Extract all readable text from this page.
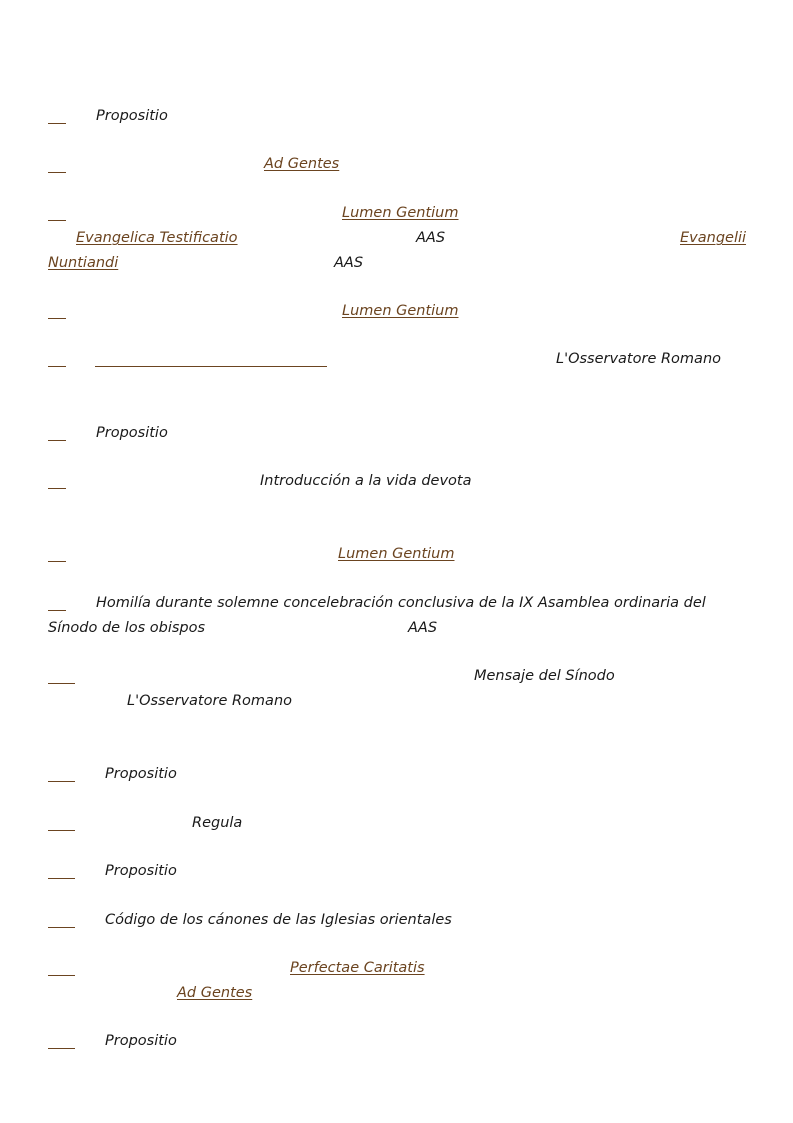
Propositio
Ad Gentes
Lumen Gentium
Evangelica Testificatio	AAS	Evangelii
Nuntiandi	AAS
Lumen Gentium
L'Osservatore Romano
Propositio
Introducción a la vida devota
Lumen Gentium
Homilía durante solemne concelebración conclusiva de la IX Asamblea ordinaria del
Sínodo de los obispos	AAS
Mensaje del Sínodo
L'Osservatore Romano
Propositio
Regula
Propositio
Código de los cánones de las Iglesias orientales
Perfectae Caritatis
Ad Gentes
Propositio
